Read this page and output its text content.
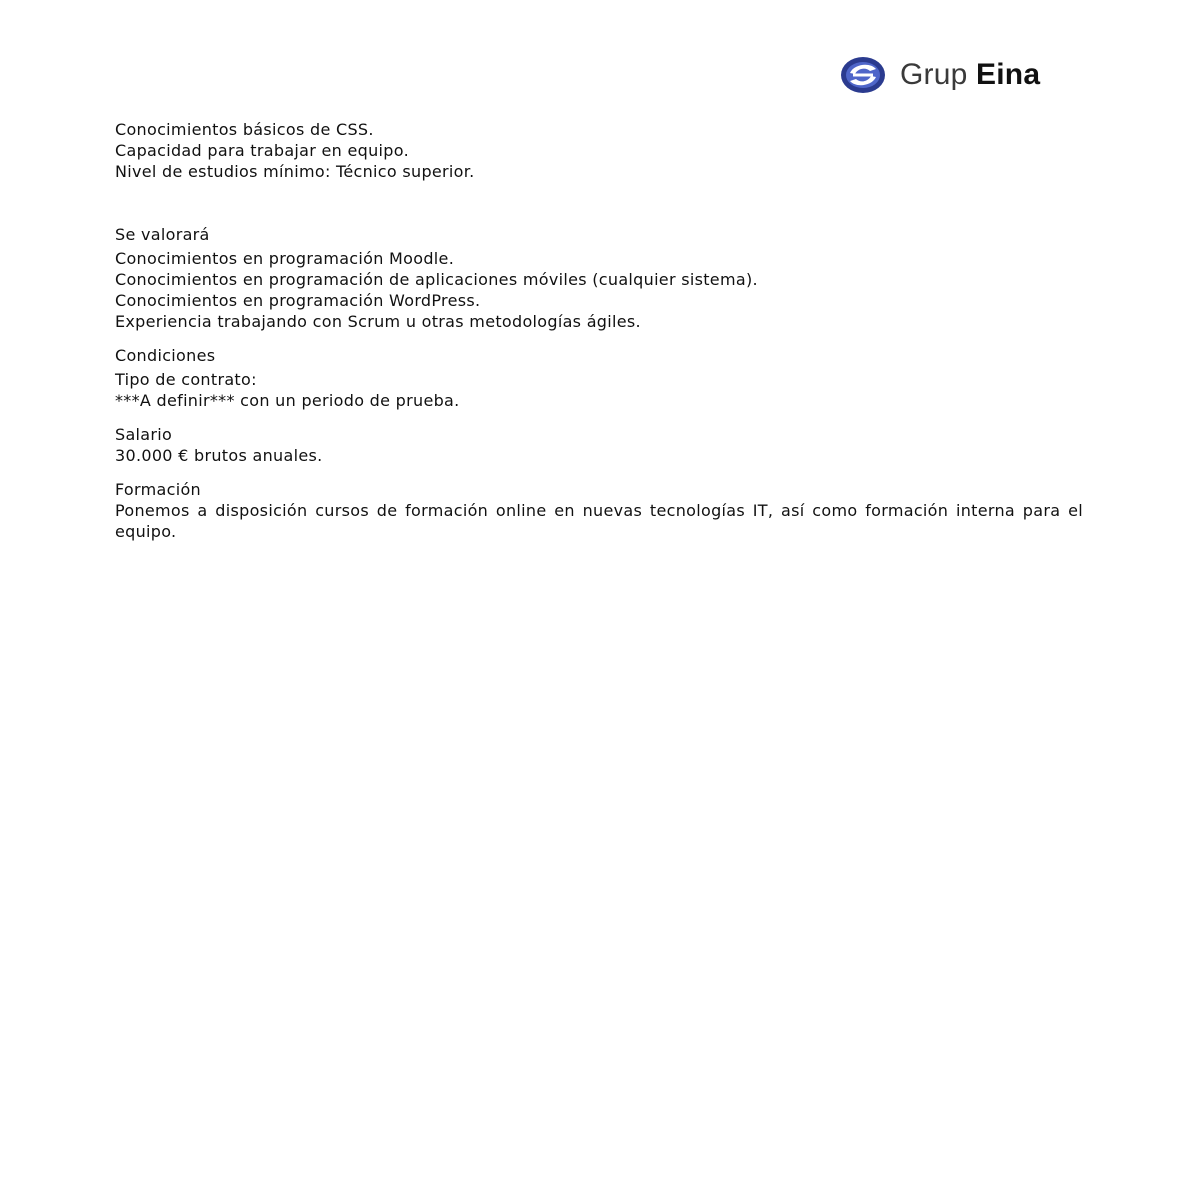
Grup Eina
Conocimientos básicos de CSS.
Capacidad para trabajar en equipo.
Nivel de estudios mínimo: Técnico superior.
Se valorará
Conocimientos en programación Moodle.
Conocimientos en programación de aplicaciones móviles (cualquier sistema).
Conocimientos en programación WordPress.
Experiencia trabajando con Scrum u otras metodologías ágiles.
Condiciones
Tipo de contrato:
***A definir*** con un periodo de prueba.
Salario
30.000 € brutos anuales.
Formación
Ponemos a disposición cursos de formación online en nuevas tecnologías IT, así como formación interna para el equipo.
